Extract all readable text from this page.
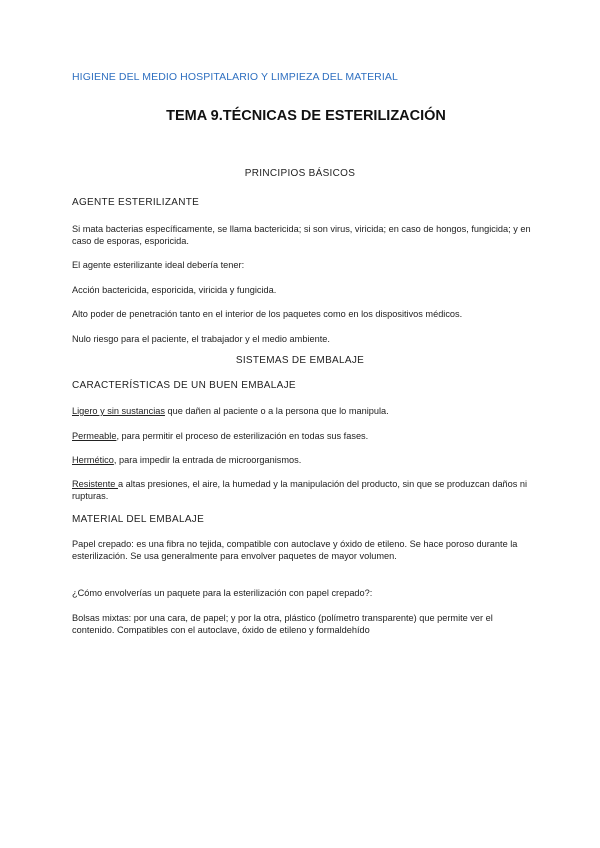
HIGIENE DEL MEDIO HOSPITALARIO Y LIMPIEZA DEL MATERIAL
TEMA 9.TÉCNICAS DE ESTERILIZACIÓN
PRINCIPIOS BÁSICOS
AGENTE ESTERILIZANTE
Si mata bacterias específicamente, se llama bactericida; si son virus, viricida; en caso de hongos, fungicida; y en caso de esporas, esporicida.
El agente esterilizante ideal debería tener:
Acción bactericida, esporicida, viricida y fungicida.
Alto poder de penetración tanto en el interior de los paquetes como en los dispositivos médicos.
Nulo riesgo para el paciente, el trabajador y el medio ambiente.
SISTEMAS DE EMBALAJE
CARACTERÍSTICAS DE UN BUEN EMBALAJE
Ligero y sin sustancias que dañen al paciente o a la persona que lo manipula.
Permeable, para permitir el proceso de esterilización en todas sus fases.
Hermético, para impedir la entrada de microorganismos.
Resistente a altas presiones, el aire, la humedad y la manipulación del producto, sin que se produzcan daños ni rupturas.
MATERIAL DEL EMBALAJE
Papel crepado: es una fibra no tejida, compatible con autoclave y óxido de etileno. Se hace poroso durante la esterilización. Se usa generalmente para envolver paquetes de mayor volumen.
¿Cómo envolverías un paquete para la esterilización con papel crepado?:
Bolsas mixtas: por una cara, de papel; y por la otra, plástico (polímetro transparente) que permite ver el contenido. Compatibles con el autoclave, óxido de etileno y formaldehído
